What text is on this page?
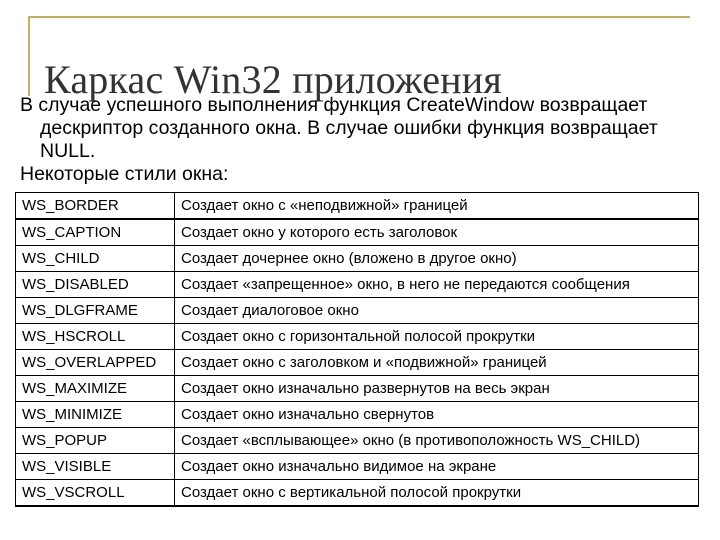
Каркас Win32 приложения

В случае успешного выполнения функция CreateWindow возвращает дескриптор созданного окна. В случае ошибки функция возвращает NULL.

Некоторые стили окна:

WS_BORDER	Создает окно с «неподвижной» границей
WS_CAPTION	Создает окно у которого есть заголовок
WS_CHILD	Создает дочернее окно (вложено в другое окно)
WS_DISABLED	Создает «запрещенное» окно, в него не передаются сообщения
WS_DLGFRAME	Создает диалоговое окно
WS_HSCROLL	Создает окно с горизонтальной полосой прокрутки
WS_OVERLAPPED	Создает окно с заголовком и «подвижной» границей
WS_MAXIMIZE	Создает окно изначально развернутов на весь экран
WS_MINIMIZE	Создает окно изначально свернутов
WS_POPUP	Создает «всплывающее» окно (в противоположность WS_CHILD)
WS_VISIBLE	Создает окно изначально видимое на экране
WS_VSCROLL	Создает окно с вертикальной полосой прокрутки
